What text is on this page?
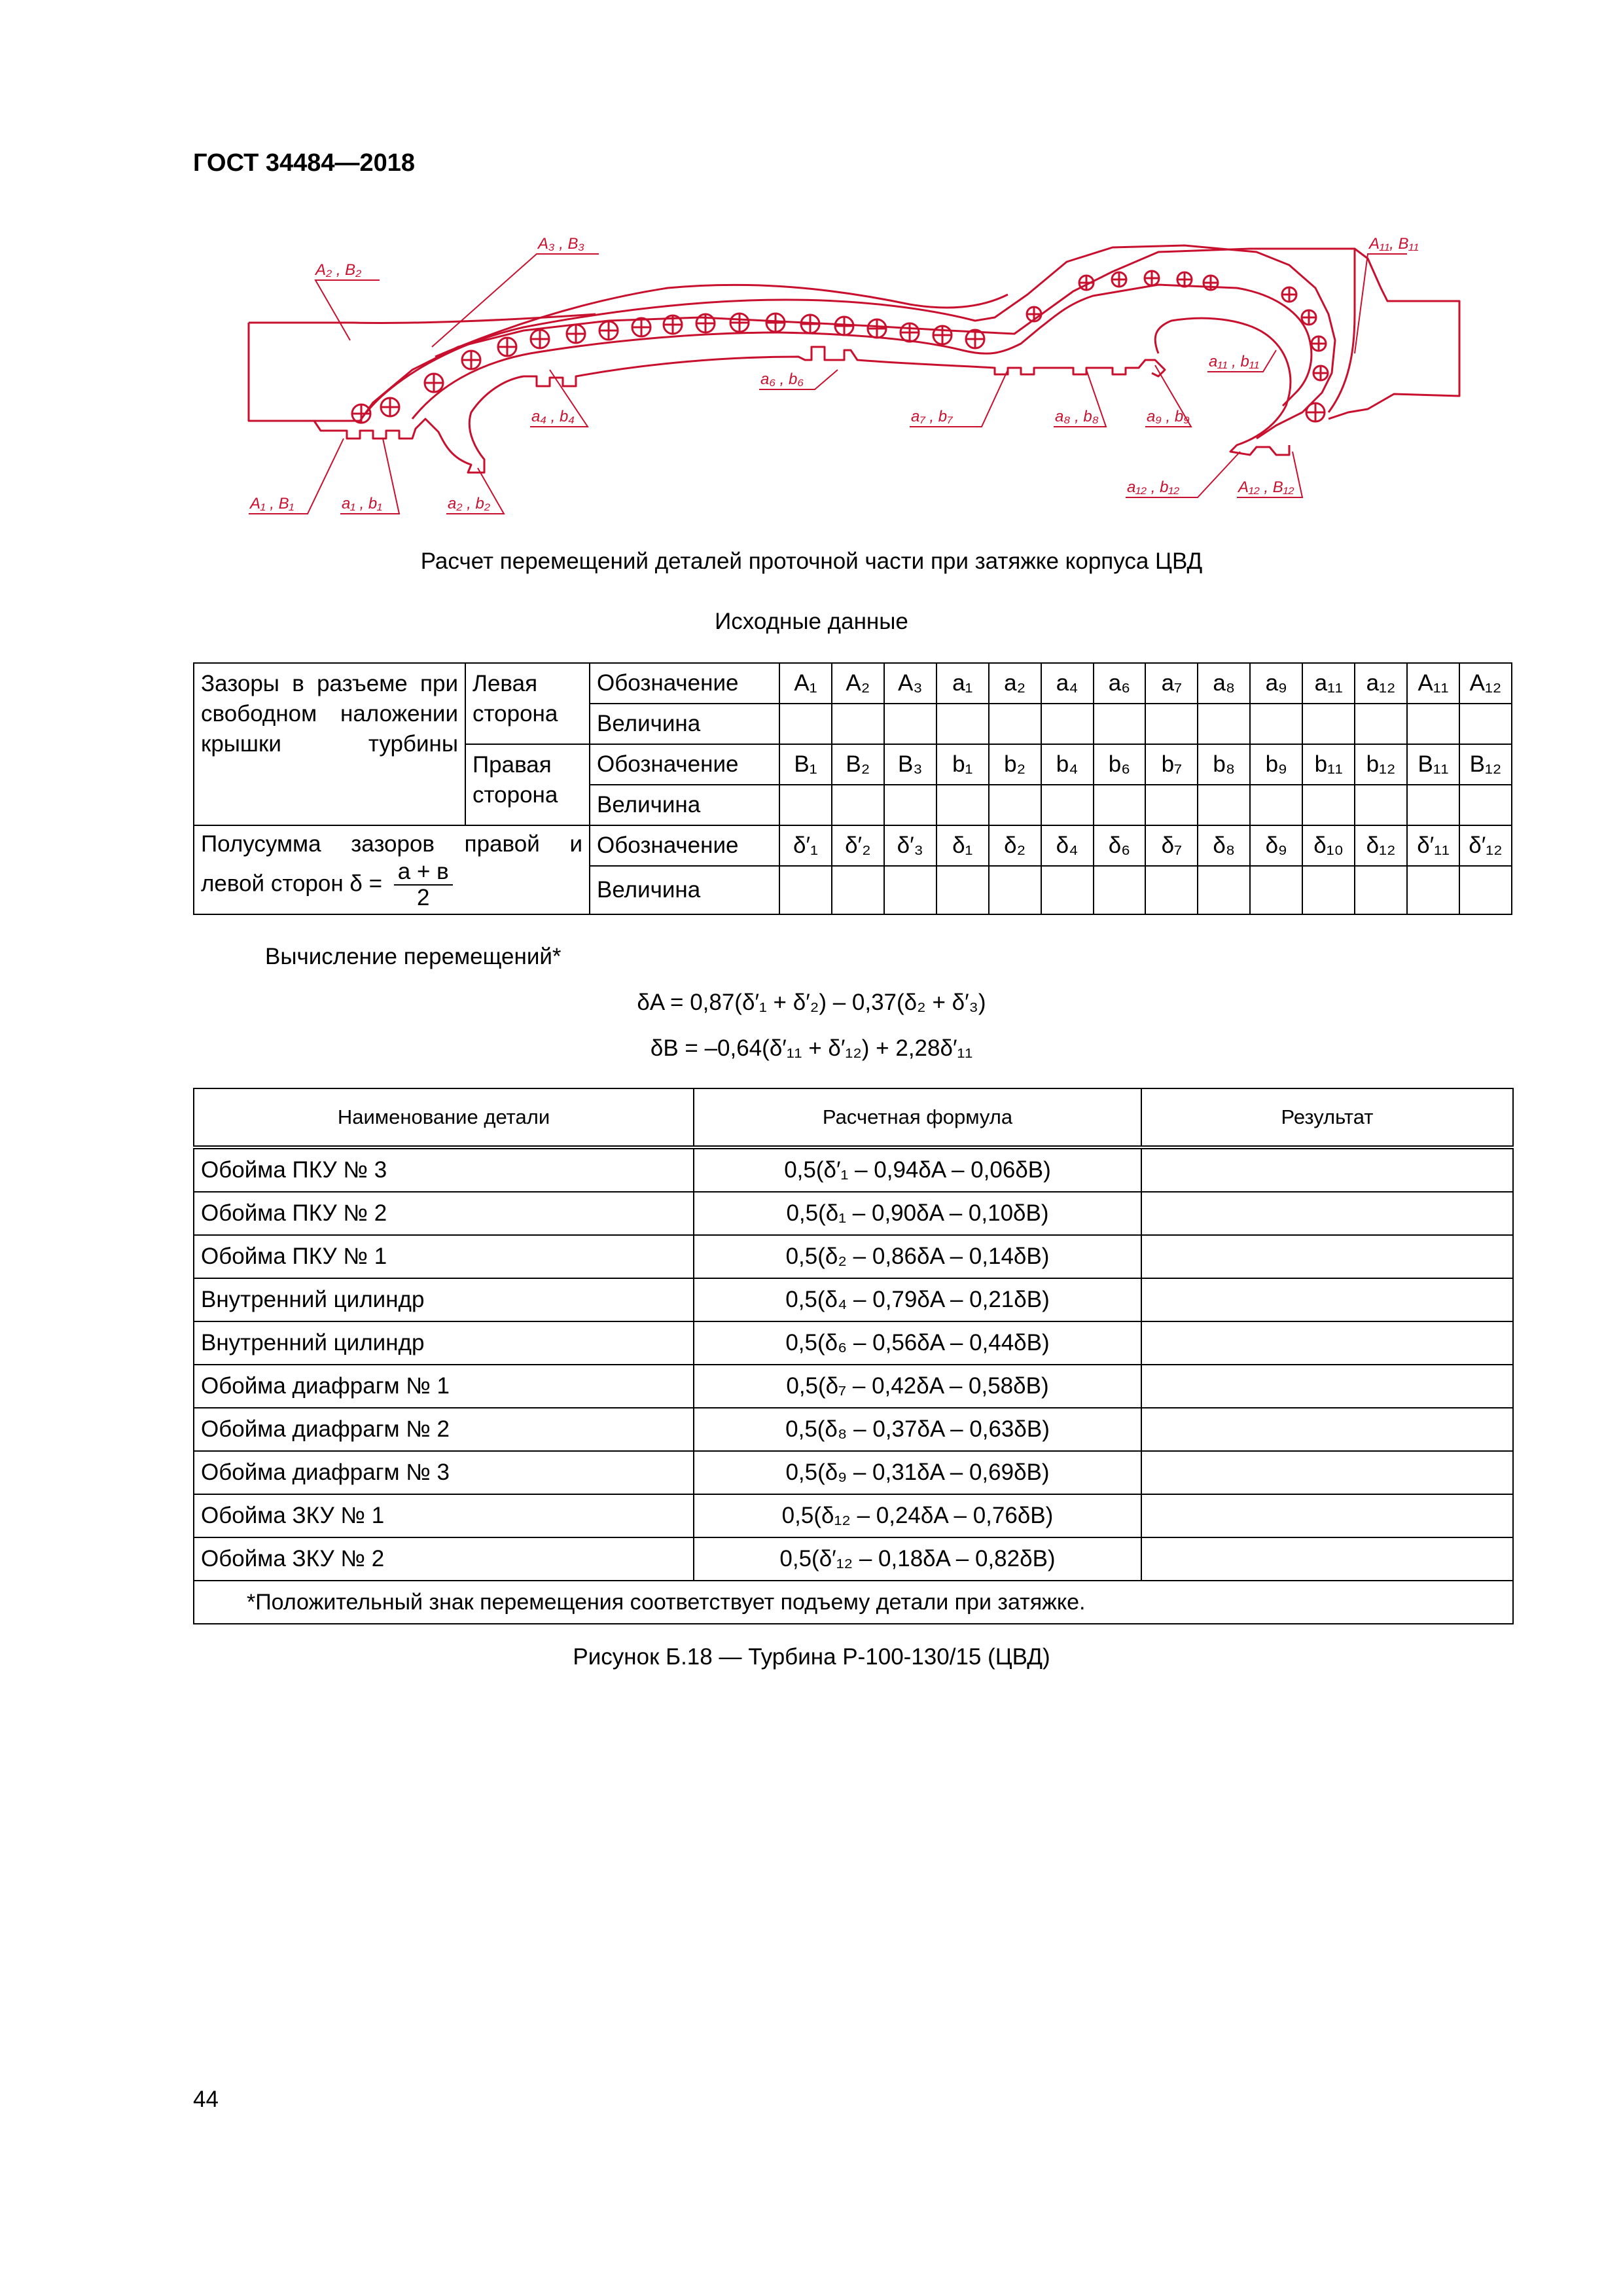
ГОСТ 34484—2018
A₂ , B₂
A₃ , B₃	A₁₁, B₁₁
a₁₁ , b₁₁
a₆ , b₆
a₄ , b₄	a₇ , b₇	a₈ , b₈	a₉ , b₉
A₁ , B₁	a₁ , b₁	a₂ , b₂
a₁₂ , b₁₂	A₁₂ , B₁₂
Расчет перемещений деталей проточной части при затяжке корпуса ЦВД
Исходные данные
Зазоры в разъеме при свободном наложении крышки турбины	Левая сторона	Обозначение	A₁	A₂	A₃	a₁	a₂	a₄	a₆	a₇	a₈	a₉	a₁₁	a₁₂	A₁₁	A₁₂
		Величина														
	Правая сторона	Обозначение	B₁	B₂	B₃	b₁	b₂	b₄	b₆	b₇	b₈	b₉	b₁₁	b₁₂	B₁₁	B₁₂
		Величина														

Полусумма зазоров правой и
левой сторон $\delta = \frac{а + в}{2}$		Обозначение	δ′₁	δ′₂	δ′₃	δ₁	δ₂	δ₄	δ₆	δ₇	δ₈	δ₉	δ₁₀	δ₁₂	δ′₁₁	δ′₁₂
		Величина														
Вычисление перемещений*
δA = 0,87(δ′₁ + δ′₂) – 0,37(δ₂ + δ′₃)
δB = –0,64(δ′₁₁ + δ′₁₂) + 2,28δ′₁₁
Наименование детали	Расчетная формула	Результат
Обойма ПКУ № 3	0,5(δ′₁ – 0,94δA – 0,06δB)	
Обойма ПКУ № 2	0,5(δ₁ – 0,90δA – 0,10δB)	
Обойма ПКУ № 1	0,5(δ₂ – 0,86δA – 0,14δB)	
Внутренний цилиндр	0,5(δ₄ – 0,79δA – 0,21δB)	
Внутренний цилиндр	0,5(δ₆ – 0,56δA – 0,44δB)	
Обойма диафрагм № 1	0,5(δ₇ – 0,42δA – 0,58δB)	
Обойма диафрагм № 2	0,5(δ₈ – 0,37δA – 0,63δB)	
Обойма диафрагм № 3	0,5(δ₉ – 0,31δA – 0,69δB)	
Обойма ЗКУ № 1	0,5(δ₁₂ – 0,24δA – 0,76δB)	
Обойма ЗКУ № 2	0,5(δ′₁₂ – 0,18δA – 0,82δB)	
*Положительный знак перемещения соответствует подъему детали при затяжке.		
Рисунок Б.18 — Турбина Р-100-130/15 (ЦВД)
44
